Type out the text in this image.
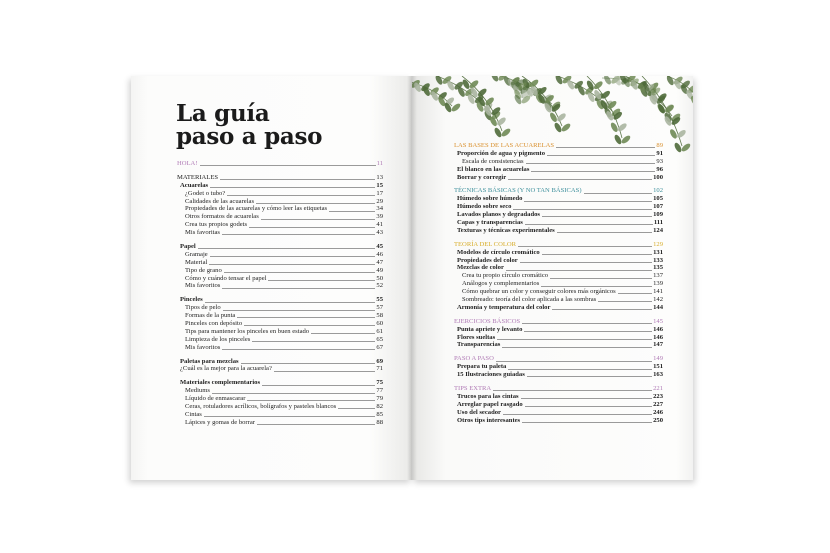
La guía
paso a paso
HOLA!	11
MATERIALES	13
Acuarelas	15
¿Godet o tubo?	17
Calidades de las acuarelas	29
Propiedades de las acuarelas y cómo leer las etiquetas	34
Otros formatos de acuarelas	39
Crea tus propios godets	41
Mis favoritas	43
Papel	45
Gramaje	46
Material	47
Tipo de grano	49
Cómo y cuándo tensar el papel	50
Mis favoritos	52
Pinceles	55
Tipos de pelo	57
Formas de la punta	58
Pinceles con depósito	60
Tips para mantener los pinceles en buen estado	61
Limpieza de los pinceles	65
Mis favoritos	67
Paletas para mezclas	69
¿Cuál es la mejor para la acuarela?	71
Materiales complementarios	75
Mediums	77
Líquido de enmascarar	79
Ceras, rotuladores acrílicos, bolígrafos y pasteles blancos	82
Cintas	85
Lápices y gomas de borrar	88
LAS BASES DE LAS ACUARELAS	89
Proporción de agua y pigmento	91
Escala de consistencias	93
El blanco en las acuarelas	96
Borrar y corregir	100
TÉCNICAS BÁSICAS (Y NO TAN BÁSICAS)	102
Húmedo sobre húmedo	105
Húmedo sobre seco	107
Lavados planos y degradados	109
Capas y transparencias	111
Texturas y técnicas experimentales	124
TEORÍA DEL COLOR	129
Modelos de círculo cromático	131
Propiedades del color	133
Mezclas de color	135
Crea tu propio círculo cromático	137
Análogos y complementarios	139
Cómo quebrar un color y conseguir colores más orgánicos	141
Sombreado: teoría del color aplicada a las sombras	142
Armonía y temperatura del color	144
EJERCICIOS BÁSICOS	145
Punta apriete y levanto	146
Flores sueltas	146
Transparencias	147
PASO A PASO	149
Prepara tu paleta	151
15 Ilustraciones guiadas	163
TIPS EXTRA	221
Trucos para las cintas	223
Arreglar papel rasgado	227
Uso del secador	246
Otros tips interesantes	250
